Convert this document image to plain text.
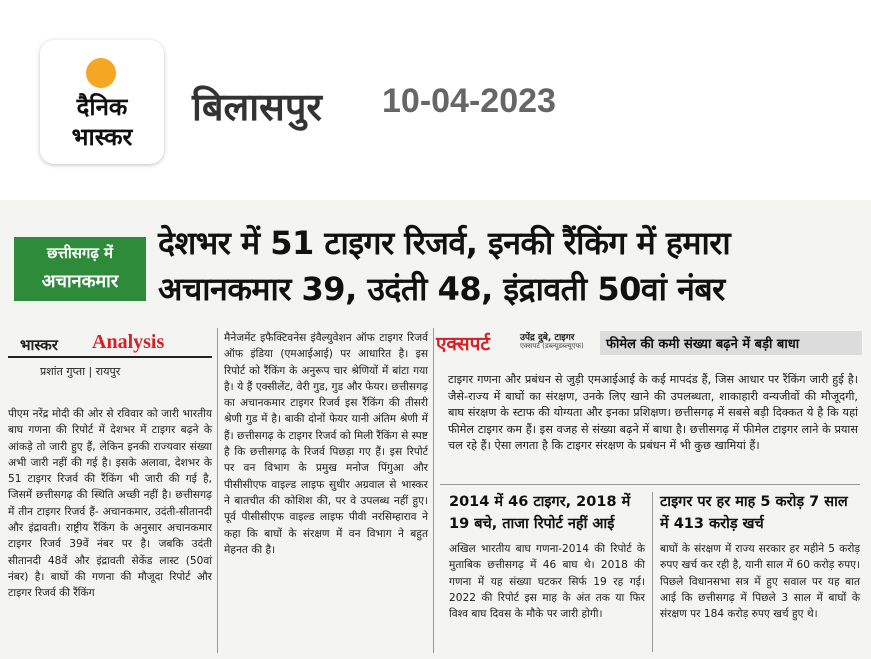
दैनिक
भास्कर
बिलासपुर 10-04-2023
छत्तीसगढ़ में
अचानकमार
देशभर में 51 टाइगर रिजर्व, इनकी रैंकिंग में हमारा
अचानकमार 39, उदंती 48, इंद्रावती 50वां नंबर
भास्कर Analysis
प्रशांत गुप्ता | रायपुर
पीएम नरेंद्र मोदी की ओर से रविवार को जारी भारतीय बाघ गणना की रिपोर्ट में देशभर में टाइगर बढ़ने के आंकड़े तो जारी हुए हैं, लेकिन इनकी राज्यवार संख्या अभी जारी नहीं की गई है। इसके अलावा, देशभर के 51 टाइगर रिजर्व की रैंकिंग भी जारी की गई है, जिसमें छत्तीसगढ़ की स्थिति अच्छी नहीं है। छत्तीसगढ़ में तीन टाइगर रिजर्व हैं- अचानकमार, उदंती-सीतानदी और इंद्रावती। राष्ट्रीय रैंकिंग के अनुसार अचानकमार टाइगर रिजर्व 39वें नंबर पर है। जबकि उदंती सीतानदी 48वें और इंद्रावती सेकेंड लास्ट (50वां नंबर) है। बाघों की गणना की मौजूदा रिपोर्ट और टाइगर रिजर्व की रैंकिंग
मैनेजमेंट इफैक्टिवनेस इंवैल्युवेशन ऑफ टाइगर रिजर्व ऑफ इंडिया (एमआईआई) पर आधारित है। इस रिपोर्ट को रैंकिंग के अनुरूप चार श्रेणियों में बांटा गया है। ये हैं एक्सीलेंट, वेरी गुड, गुड और फेयर। छत्तीसगढ़ का अचानकमार टाइगर रिजर्व इस रैंकिंग की तीसरी श्रेणी गुड में है। बाकी दोनों फेयर यानी अंतिम श्रेणी में हैं। छत्तीसगढ़ के टाइगर रिजर्व को मिली रैंकिंग से स्पष्ट है कि छत्तीसगढ़ के रिजर्व पिछड़ा गए हैं। इस रिपोर्ट पर वन विभाग के प्रमुख मनोज पिंगुआ और पीसीसीएफ वाइल्ड लाइफ सुधीर अग्रवाल से भास्कर ने बातचीत की कोशिश की, पर वे उपलब्ध नहीं हुए। पूर्व पीसीसीएफ वाइल्ड लाइफ पीवी नरसिम्हाराव ने कहा कि बाघों के संरक्षण में वन विभाग ने बहुत मेहनत की है।
एक्सपर्ट	उपेंद्र दुबे, टाइगर
एक्सपर्ट (डब्ल्यूडब्ल्यूएफ)	फीमेल की कमी संख्या बढ़ने में बड़ी बाधा
टाइगर गणना और प्रबंधन से जुड़ी एमआईआई के कई मापदंड हैं, जिस आधार पर रैंकिंग जारी हुई है। जैसे-राज्य में बाघों का संरक्षण, उनके लिए खाने की उपलब्धता, शाकाहारी वन्यजीवों की मौजूदगी, बाघ संरक्षण के स्टाफ की योग्यता और इनका प्रशिक्षण। छत्तीसगढ़ में सबसे बड़ी दिक्कत ये है कि यहां फीमेल टाइगर कम हैं। इस वजह से संख्या बढ़ने में बाधा है। छत्तीसगढ़ में फीमेल टाइगर लाने के प्रयास चल रहे हैं। ऐसा लगता है कि टाइगर संरक्षण के प्रबंधन में भी कुछ खामियां हैं।
2014 में 46 टाइगर, 2018 में 19 बचे, ताजा रिपोर्ट नहीं आई
टाइगर पर हर माह 5 करोड़ 7 साल में 413 करोड़ खर्च
अखिल भारतीय बाघ गणना-2014 की रिपोर्ट के मुताबिक छत्तीसगढ़ में 46 बाघ थे। 2018 की गणना में यह संख्या घटकर सिर्फ 19 रह गई। 2022 की रिपोर्ट इस माह के अंत तक या फिर विश्व बाघ दिवस के मौके पर जारी होगी।
बाघों के संरक्षण में राज्य सरकार हर महीने 5 करोड़ रुपए खर्च कर रही है, यानी साल में 60 करोड़ रुपए। पिछले विधानसभा सत्र में हुए सवाल पर यह बात आई कि छत्तीसगढ़ में पिछले 3 साल में बाघों के संरक्षण पर 184 करोड़ रुपए खर्च हुए थे।
